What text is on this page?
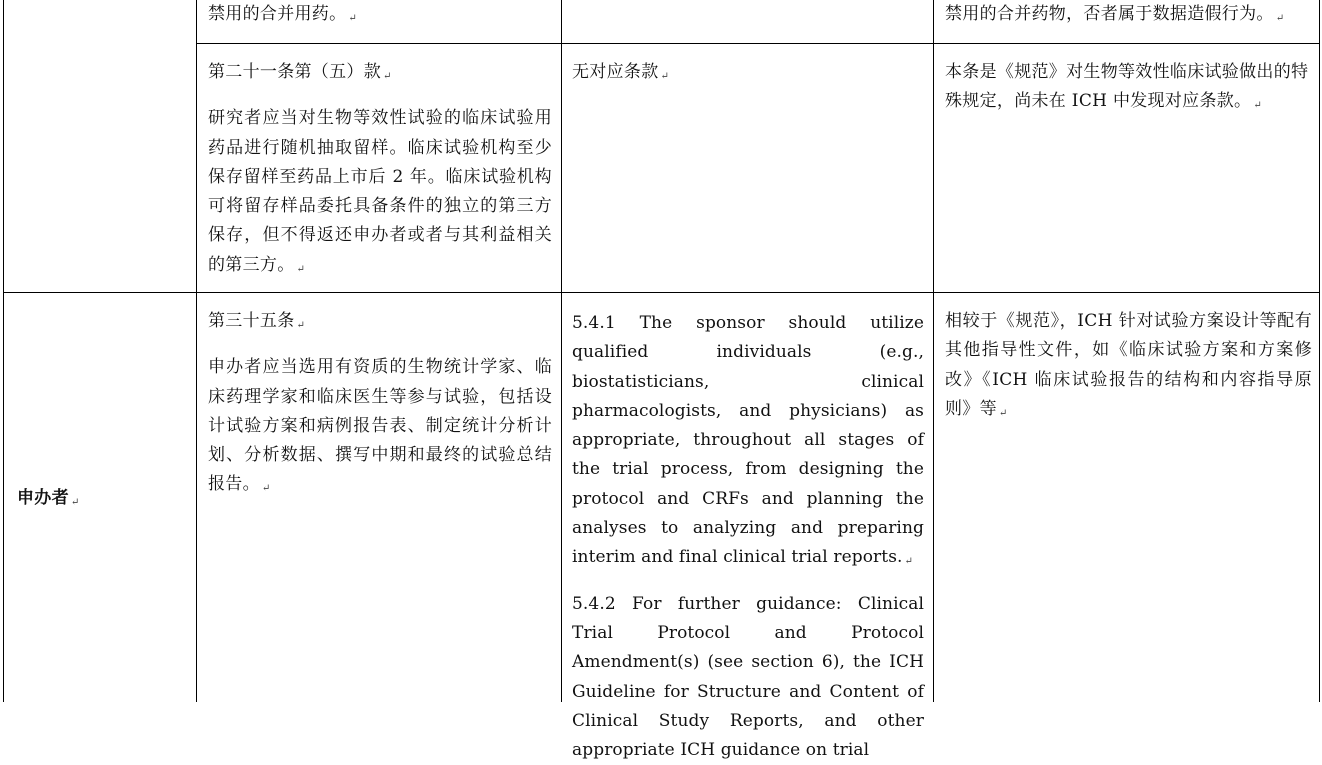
禁用的合并用药。 ↵	禁用的合并药物，否者属于数据造假行为。 ↵
第二十一条第（五）款 ↵
研究者应当对生物等效性试验的临床试验用药品进行随机抽取留样。临床试验机构至少保存留样至药品上市后 2 年。临床试验机构可将留存样品委托具备条件的独立的第三方保存，但不得返还申办者或者与其利益相关的第三方。 ↵
无对应条款 ↵	本条是《规范》对生物等效性临床试验做出的特殊规定，尚未在 ICH 中发现对应条款。 ↵
申办者 ↵
第三十五条 ↵
申办者应当选用有资质的生物统计学家、临床药理学家和临床医生等参与试验，包括设计试验方案和病例报告表、制定统计分析计划、分析数据、撰写中期和最终的试验总结报告。 ↵
5.4.1 The sponsor should utilize qualified individuals (e.g., biostatisticians, clinical pharmacologists, and physicians) as appropriate, throughout all stages of the trial process, from designing the protocol and CRFs and planning the analyses to analyzing and preparing interim and final clinical trial reports. ↵
5.4.2 For further guidance: Clinical Trial Protocol and Protocol Amendment(s) (see section 6), the ICH Guideline for Structure and Content of Clinical Study Reports, and other appropriate ICH guidance on trial
相较于《规范》，ICH 针对试验方案设计等配有其他指导性文件，如《临床试验方案和方案修改》《ICH 临床试验报告的结构和内容指导原则》等 ↵
